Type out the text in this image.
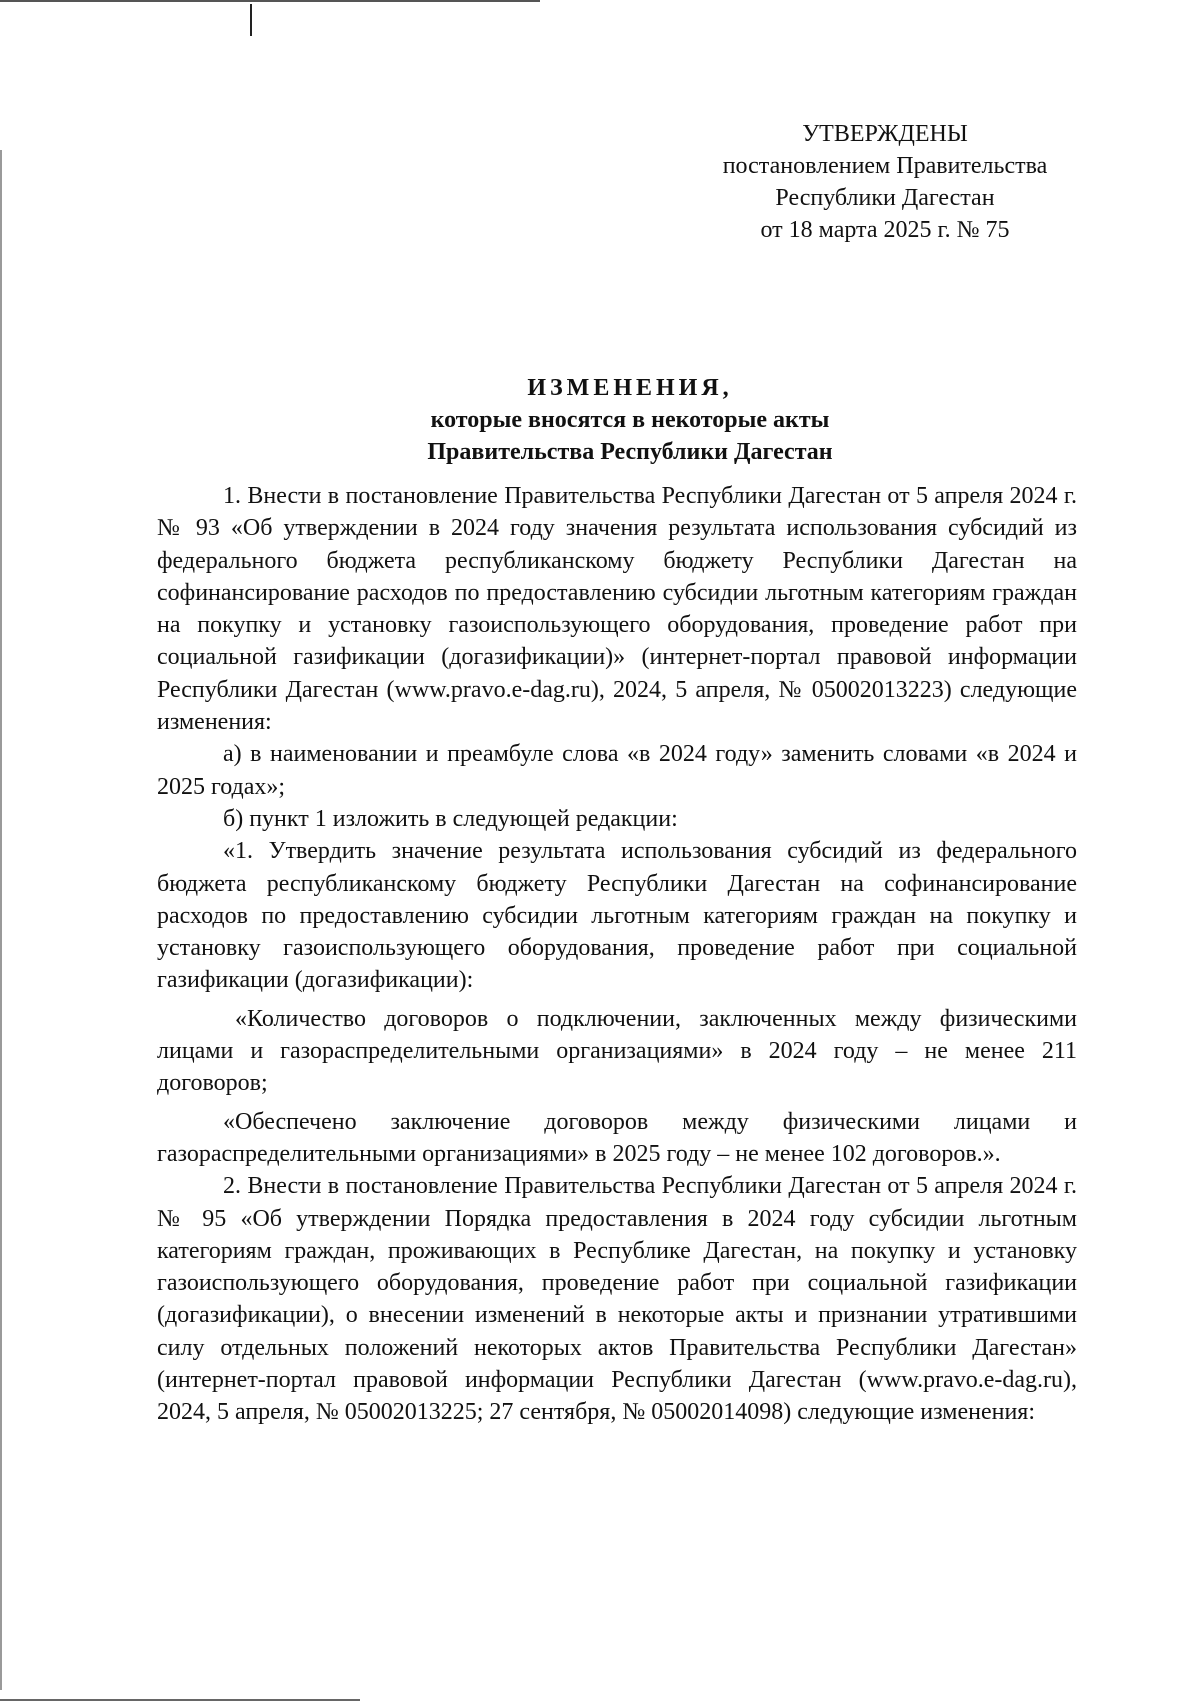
УТВЕРЖДЕНЫ
постановлением Правительства
Республики Дагестан
от 18 марта 2025 г. № 75
ИЗМЕНЕНИЯ,
которые вносятся в некоторые акты
Правительства Республики Дагестан

1. Внести в постановление Правительства Республики Дагестан от 5 апреля 2024 г. № 93 «Об утверждении в 2024 году значения результата использования субсидий из федерального бюджета республиканскому бюджету Республики Дагестан на софинансирование расходов по предоставлению субсидии льготным категориям граждан на покупку и установку газоиспользующего оборудования, проведение работ при социальной газификации (догазификации)» (интернет-портал правовой информации Республики Дагестан (www.pravo.e-dag.ru), 2024, 5 апреля, № 05002013223) следующие изменения:

а) в наименовании и преамбуле слова «в 2024 году» заменить словами «в 2024 и 2025 годах»;

б) пункт 1 изложить в следующей редакции:

«1. Утвердить значение результата использования субсидий из федерального бюджета республиканскому бюджету Республики Дагестан на софинансирование расходов по предоставлению субсидии льготным категориям граждан на покупку и установку газоиспользующего оборудования, проведение работ при социальной газификации (догазификации):

«Количество договоров о подключении, заключенных между физическими лицами и газораспределительными организациями» в 2024 году – не менее 211 договоров;

«Обеспечено заключение договоров между физическими лицами и газораспределительными организациями» в 2025 году – не менее 102 договоров.».

2. Внести в постановление Правительства Республики Дагестан от 5 апреля 2024 г. № 95 «Об утверждении Порядка предоставления в 2024 году субсидии льготным категориям граждан, проживающих в Республике Дагестан, на покупку и установку газоиспользующего оборудования, проведение работ при социальной газификации (догазификации), о внесении изменений в некоторые акты и признании утратившими силу отдельных положений некоторых актов Правительства Республики Дагестан» (интернет-портал правовой информации Республики Дагестан (www.pravo.e-dag.ru), 2024, 5 апреля, № 05002013225; 27 сентября, № 05002014098) следующие изменения:
